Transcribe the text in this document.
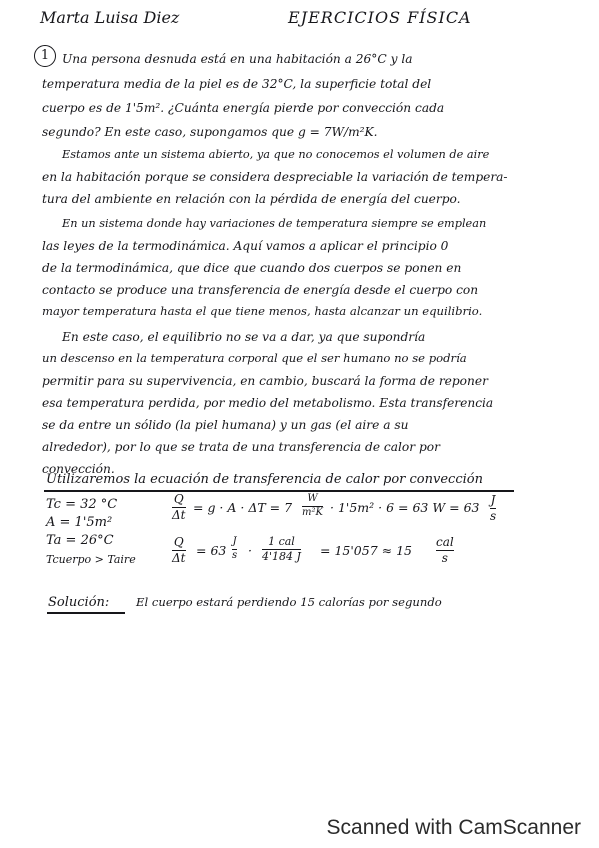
Marta Luisa Diez	EJERCICIOS FÍSICA
1	Una persona desnuda está en una habitación a 26°C y la
temperatura media de la piel es de 32°C, la superficie total del
cuerpo es de 1'5m². ¿Cuánta energía pierde por convección cada
segundo? En este caso, supongamos que g = 7W/m²K.
Estamos ante un sistema abierto, ya que no conocemos el volumen de aire
en la habitación porque se considera despreciable la variación de tempera-
tura del ambiente en relación con la pérdida de energía del cuerpo.
En un sistema donde hay variaciones de temperatura siempre se emplean
las leyes de la termodinámica. Aquí vamos a aplicar el principio 0
de la termodinámica, que dice que cuando dos cuerpos se ponen en
contacto se produce una transferencia de energía desde el cuerpo con
mayor temperatura hasta el que tiene menos, hasta alcanzar un equilibrio.
En este caso, el equilibrio no se va a dar, ya que supondría
un descenso en la temperatura corporal que el ser humano no se podría
permitir para su supervivencia, en cambio, buscará la forma de reponer
esa temperatura perdida, por medio del metabolismo. Esta transferencia
se da entre un sólido (la piel humana) y un gas (el aire a su
alrededor), por lo que se trata de una transferencia de calor por
convección.
Utilizaremos la ecuación de transferencia de calor por convección
Tc = 32 °C
A = 1'5m²
Ta = 26°C
Tcuerpo > Taire
Q
Δt = g · A · ΔT = 7
W
m²K · 1'5m² · 6 = 63 W = 63 J
s
Q
Δt = 63
J
s ·
1 cal
4'184 J = 15'057 ≈ 15
cal
s
Solución: El cuerpo estará perdiendo 15 calorías por segundo
Scanned with CamScanner
